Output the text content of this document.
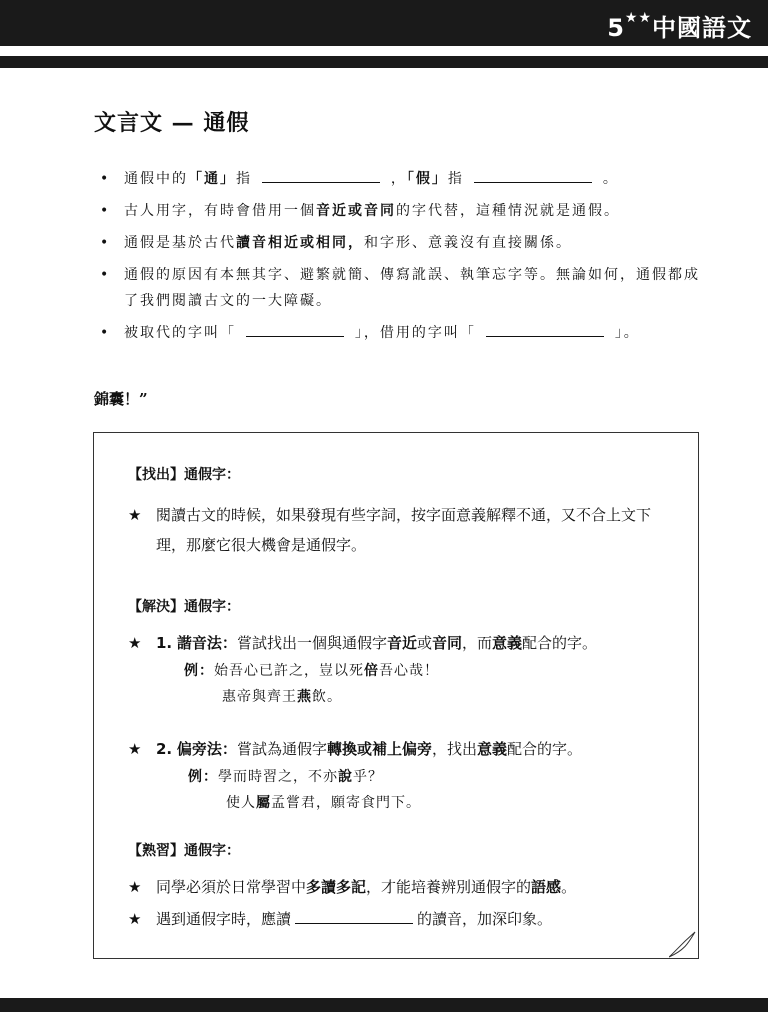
5★★中國語文
文言文 — 通假
• 通假中的「通」指	，「假」指	。
• 古人用字，有時會借用一個音近或音同的字代替，這種情況就是通假。
• 通假是基於古代讀音相近或相同，和字形、意義沒有直接關係。
• 通假的原因有本無其字、避繁就簡、傳寫訛誤、執筆忘字等。無論如何，通假都成了我們閱讀古文的一大障礙。
• 被取代的字叫「	」，借用的字叫「	」。
錦囊！”
【找出】通假字：
★ 閱讀古文的時候，如果發現有些字詞，按字面意義解釋不通，又不合上文下理，那麼它很大機會是通假字。
【解決】通假字：
★ 1. 諧音法：嘗試找出一個與通假字音近或音同，而意義配合的字。
例：始吾心已許之，豈以死倍吾心哉！
惠帝與齊王燕飲。
★ 2. 偏旁法：嘗試為通假字轉換或補上偏旁，找出意義配合的字。
例：學而時習之，不亦說乎？
使人屬孟嘗君，願寄食門下。
【熟習】通假字：
★ 同學必須於日常學習中多讀多記，才能培養辨別通假字的語感。
★ 遇到通假字時，應讀	的讀音，加深印象。
